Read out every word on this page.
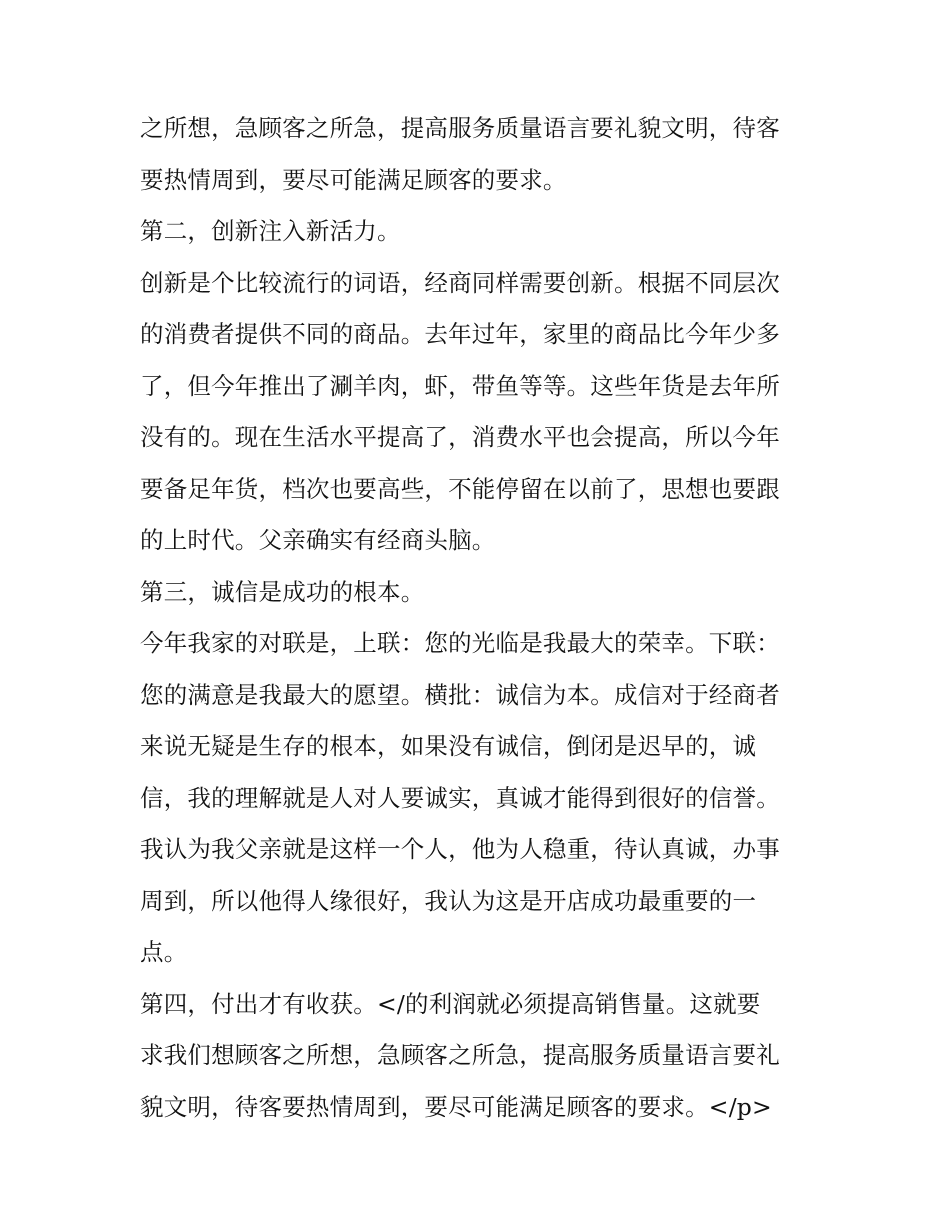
之所想，急顾客之所急，提高服务质量语言要礼貌文明，待客
要热情周到，要尽可能满足顾客的要求。
第二，创新注入新活力。
创新是个比较流行的词语，经商同样需要创新。根据不同层次
的消费者提供不同的商品。去年过年，家里的商品比今年少多
了，但今年推出了涮羊肉，虾，带鱼等等。这些年货是去年所
没有的。现在生活水平提高了，消费水平也会提高，所以今年
要备足年货，档次也要高些，不能停留在以前了，思想也要跟
的上时代。父亲确实有经商头脑。
第三，诚信是成功的根本。
今年我家的对联是，上联：您的光临是我最大的荣幸。下联：
您的满意是我最大的愿望。横批：诚信为本。成信对于经商者
来说无疑是生存的根本，如果没有诚信，倒闭是迟早的，诚
信，我的理解就是人对人要诚实，真诚才能得到很好的信誉。
我认为我父亲就是这样一个人，他为人稳重，待认真诚，办事
周到，所以他得人缘很好，我认为这是开店成功最重要的一
点。
第四，付出才有收获。</的利润就必须提高销售量。这就要
求我们想顾客之所想，急顾客之所急，提高服务质量语言要礼
貌文明，待客要热情周到，要尽可能满足顾客的要求。</p>
